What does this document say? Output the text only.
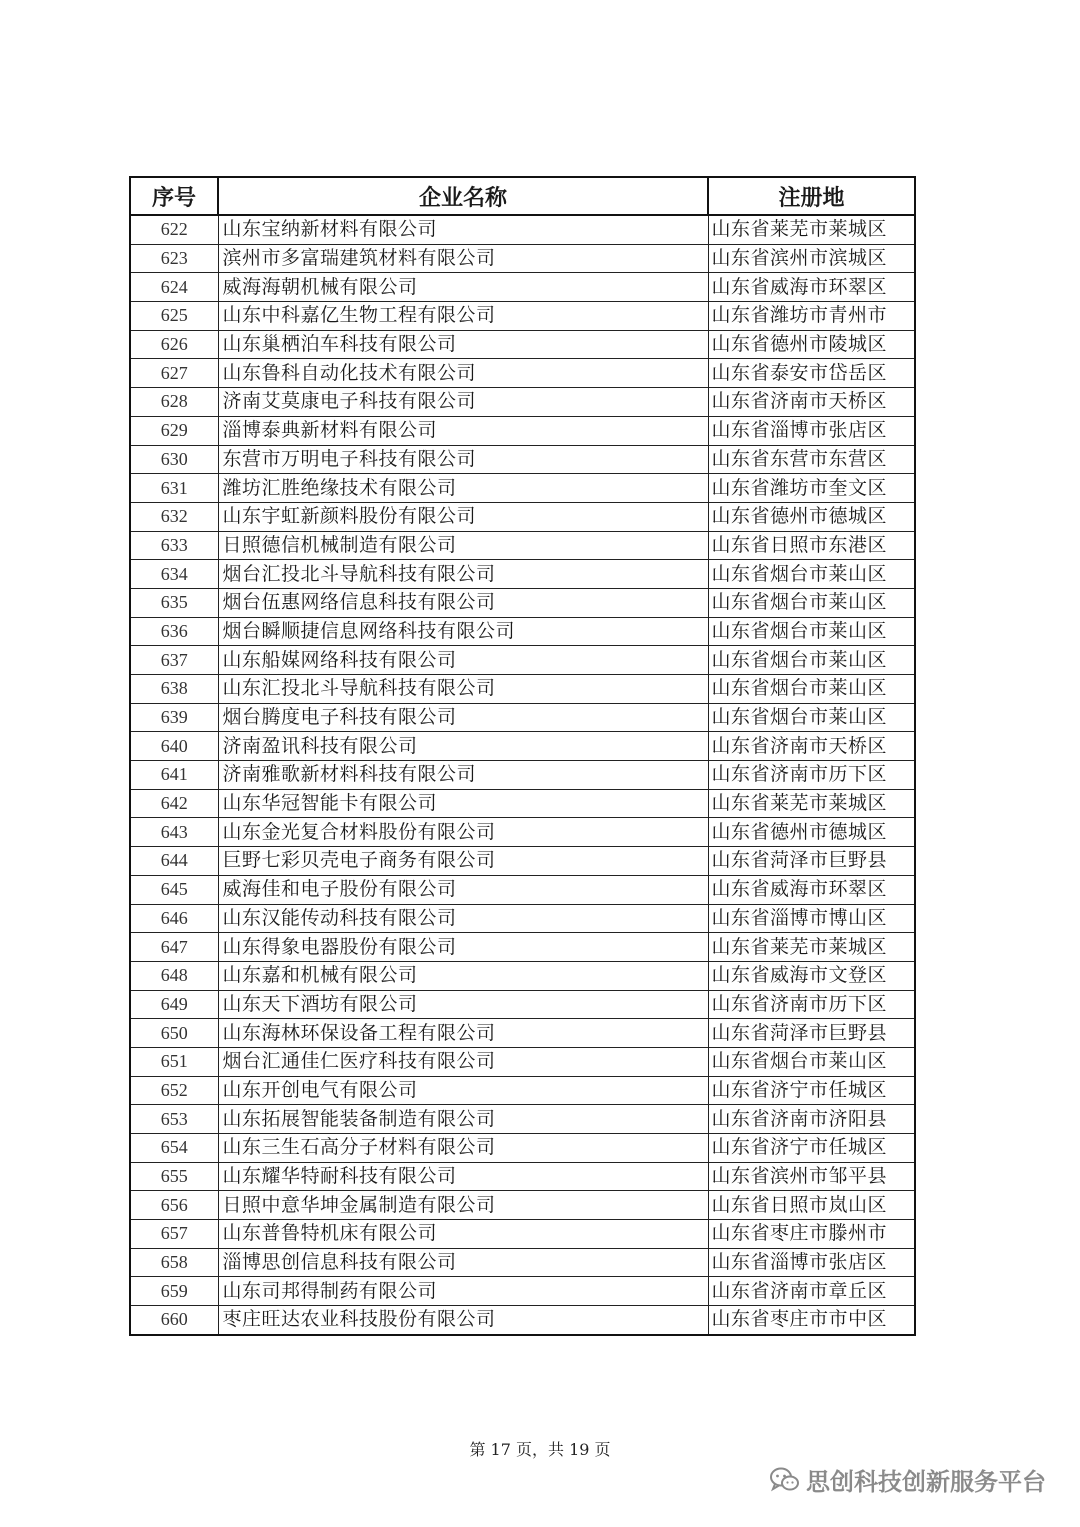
序号	企业名称	注册地
622	山东宝纳新材料有限公司	山东省莱芜市莱城区
623	滨州市多富瑞建筑材料有限公司	山东省滨州市滨城区
624	威海海朝机械有限公司	山东省威海市环翠区
625	山东中科嘉亿生物工程有限公司	山东省潍坊市青州市
626	山东巢栖泊车科技有限公司	山东省德州市陵城区
627	山东鲁科自动化技术有限公司	山东省泰安市岱岳区
628	济南艾莫康电子科技有限公司	山东省济南市天桥区
629	淄博泰典新材料有限公司	山东省淄博市张店区
630	东营市万明电子科技有限公司	山东省东营市东营区
631	潍坊汇胜绝缘技术有限公司	山东省潍坊市奎文区
632	山东宇虹新颜料股份有限公司	山东省德州市德城区
633	日照德信机械制造有限公司	山东省日照市东港区
634	烟台汇投北斗导航科技有限公司	山东省烟台市莱山区
635	烟台伍惠网络信息科技有限公司	山东省烟台市莱山区
636	烟台瞬顺捷信息网络科技有限公司	山东省烟台市莱山区
637	山东船媒网络科技有限公司	山东省烟台市莱山区
638	山东汇投北斗导航科技有限公司	山东省烟台市莱山区
639	烟台腾度电子科技有限公司	山东省烟台市莱山区
640	济南盈讯科技有限公司	山东省济南市天桥区
641	济南雅歌新材料科技有限公司	山东省济南市历下区
642	山东华冠智能卡有限公司	山东省莱芜市莱城区
643	山东金光复合材料股份有限公司	山东省德州市德城区
644	巨野七彩贝壳电子商务有限公司	山东省菏泽市巨野县
645	威海佳和电子股份有限公司	山东省威海市环翠区
646	山东汉能传动科技有限公司	山东省淄博市博山区
647	山东得象电器股份有限公司	山东省莱芜市莱城区
648	山东嘉和机械有限公司	山东省威海市文登区
649	山东天下酒坊有限公司	山东省济南市历下区
650	山东海林环保设备工程有限公司	山东省菏泽市巨野县
651	烟台汇通佳仁医疗科技有限公司	山东省烟台市莱山区
652	山东开创电气有限公司	山东省济宁市任城区
653	山东拓展智能装备制造有限公司	山东省济南市济阳县
654	山东三生石高分子材料有限公司	山东省济宁市任城区
655	山东耀华特耐科技有限公司	山东省滨州市邹平县
656	日照中意华坤金属制造有限公司	山东省日照市岚山区
657	山东普鲁特机床有限公司	山东省枣庄市滕州市
658	淄博思创信息科技有限公司	山东省淄博市张店区
659	山东司邦得制药有限公司	山东省济南市章丘区
660	枣庄旺达农业科技股份有限公司	山东省枣庄市市中区
第 17 页，共 19 页
思创科技创新服务平台
